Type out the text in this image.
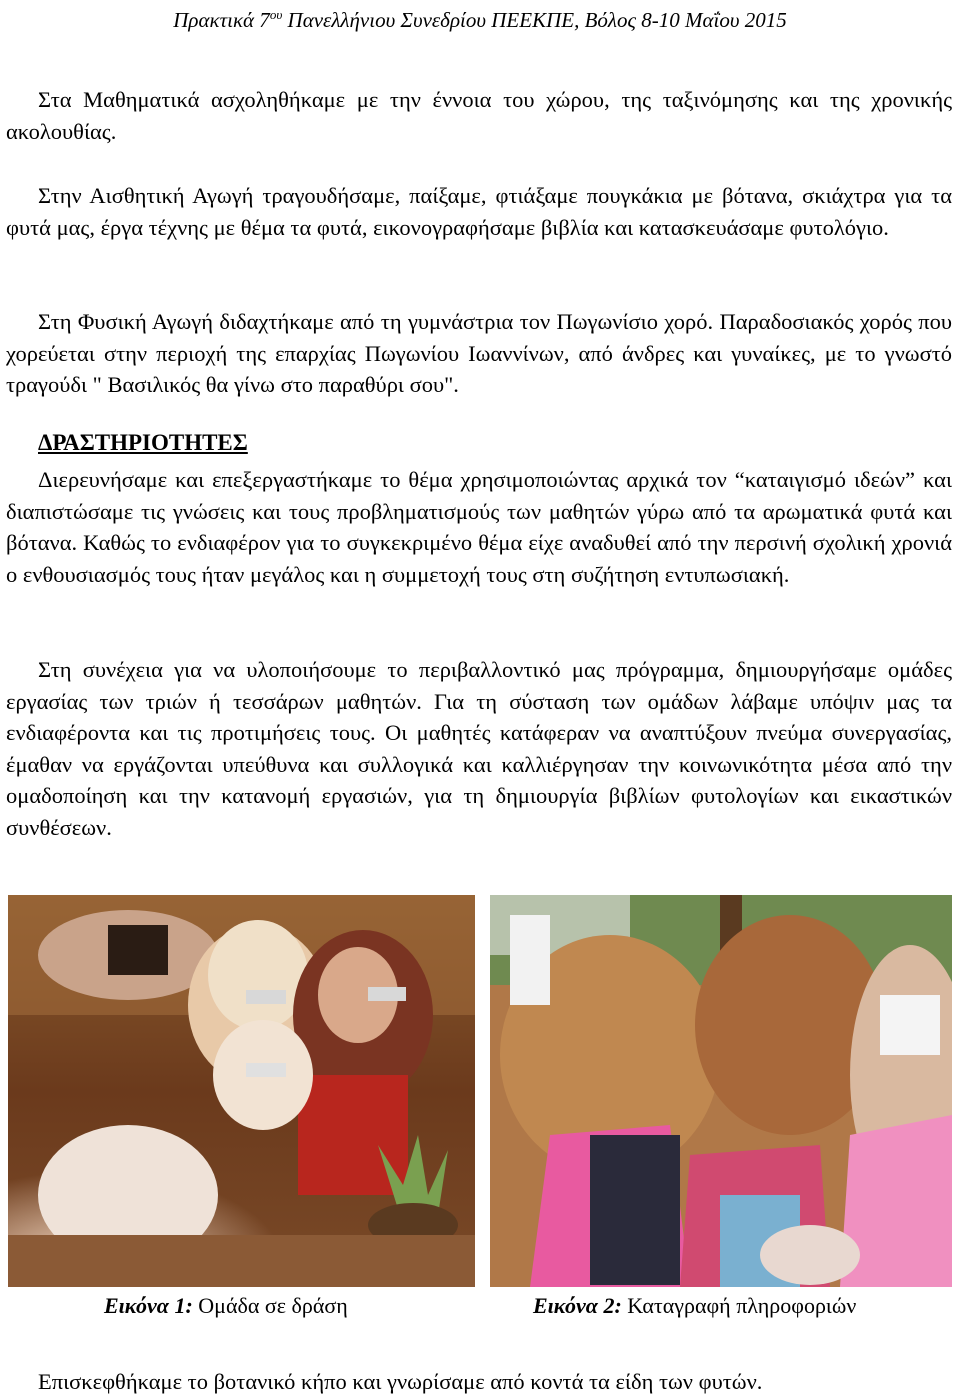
Πρακτικά $7^{o\upsilon}$ Πανελλήνιου Συνεδρίου ΠΕΕΚΠΕ, Βόλος 8-10 Μαΐου 2015

Στα Μαθηματικά ασχοληθήκαμε με την έννοια του χώρου, της ταξινόμησης και της χρονικής ακολουθίας.

Στην Αισθητική Αγωγή τραγουδήσαμε, παίξαμε, φτιάξαμε πουγκάκια με βότανα, σκιάχτρα για τα φυτά μας, έργα τέχνης με θέμα τα φυτά, εικονογραφήσαμε βιβλία και κατασκευάσαμε φυτολόγιο.

Στη Φυσική Αγωγή διδαχτήκαμε από τη γυμνάστρια τον Πωγωνίσιο χορό. Παραδοσιακός χορός που χορεύεται στην περιοχή της επαρχίας Πωγωνίου Ιωαννίνων, από άνδρες και γυναίκες, με το γνωστό τραγούδι " Βασιλικός θα γίνω στο παραθύρι σου".

ΔΡΑΣΤΗΡΙΟΤΗΤΕΣ

Διερευνήσαμε και επεξεργαστήκαμε το θέμα χρησιμοποιώντας αρχικά τον “καταιγισμό ιδεών” και διαπιστώσαμε τις γνώσεις και τους προβληματισμούς των μαθητών γύρω από τα αρωματικά φυτά και βότανα. Καθώς το ενδιαφέρον για το συγκεκριμένο θέμα είχε αναδυθεί από την περσινή σχολική χρονιά ο ενθουσιασμός τους ήταν μεγάλος και η συμμετοχή τους στη συζήτηση εντυπωσιακή.

Στη συνέχεια για να υλοποιήσουμε το περιβαλλοντικό μας πρόγραμμα, δημιουργήσαμε ομάδες εργασίας των τριών ή τεσσάρων μαθητών. Για τη σύσταση των ομάδων λάβαμε υπόψιν μας τα ενδιαφέροντα και τις προτιμήσεις τους. Οι μαθητές κατάφεραν να αναπτύξουν πνεύμα συνεργασίας, έμαθαν να εργάζονται υπεύθυνα και συλλογικά και καλλιέργησαν την κοινωνικότητα μέσα από την ομαδοποίηση και την κατανομή εργασιών, για τη δημιουργία βιβλίων φυτολογίων και εικαστικών συνθέσεων.

Εικόνα 1: Ομάδα σε δράση	Εικόνα 2: Καταγραφή πληροφοριών
Επισκεφθήκαμε το βοτανικό κήπο και γνωρίσαμε από κοντά τα είδη των φυτών.
